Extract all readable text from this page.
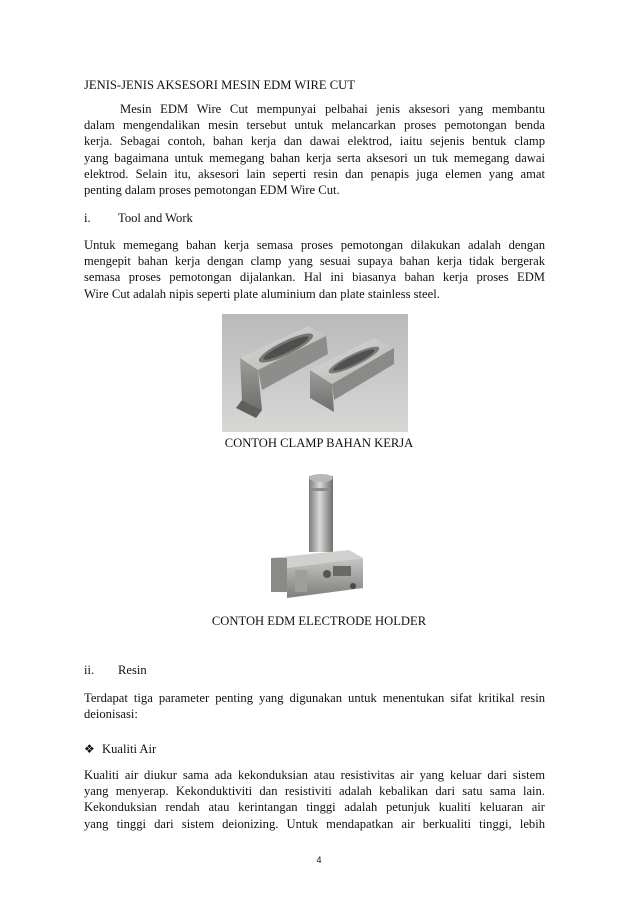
JENIS-JENIS AKSESORI MESIN EDM WIRE CUT
Mesin EDM Wire Cut mempunyai pelbahai jenis aksesori yang membantu
dalam mengendalikan mesin tersebut untuk melancarkan proses pemotongan benda
kerja. Sebagai contoh, bahan kerja dan dawai elektrod, iaitu sejenis bentuk clamp
yang bagaimana untuk memegang bahan kerja serta aksesori un tuk memegang dawai
elektrod. Selain itu, aksesori lain seperti resin dan penapis juga elemen yang amat
penting dalam proses pemotongan EDM Wire Cut.
i. Tool and Work
Untuk memegang bahan kerja semasa proses pemotongan dilakukan adalah dengan
mengepit bahan kerja dengan clamp yang sesuai supaya bahan kerja tidak bergerak
semasa proses pemotongan dijalankan. Hal ini biasanya bahan kerja proses EDM
Wire Cut adalah nipis seperti plate aluminium dan plate stainless steel.
CONTOH CLAMP BAHAN KERJA
CONTOH EDM ELECTRODE HOLDER
ii. Resin
Terdapat tiga parameter penting yang digunakan untuk menentukan sifat kritikal resin
deionisasi:
❖ Kualiti Air
Kualiti air diukur sama ada kekonduksian atau resistivitas air yang keluar dari sistem
yang menyerap. Kekonduktiviti dan resistiviti adalah kebalikan dari satu sama lain.
Kekonduksian rendah atau kerintangan tinggi adalah petunjuk kualiti keluaran air
yang tinggi dari sistem deionizing. Untuk mendapatkan air berkualiti tinggi, lebih
4
